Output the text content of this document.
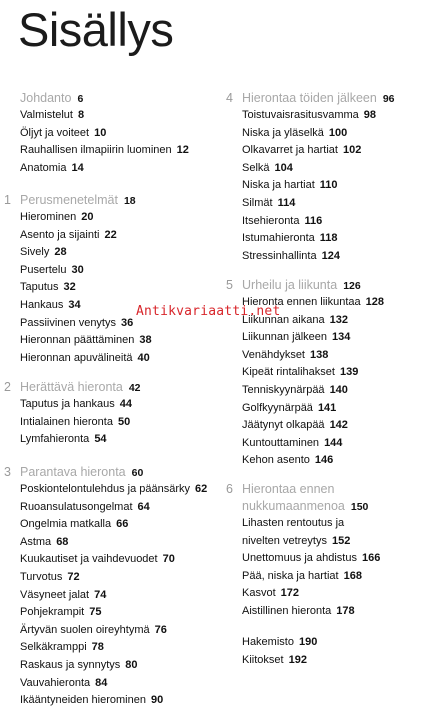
Sisällys
Johdanto 6
Valmistelut 8
Öljyt ja voiteet 10
Rauhallisen ilmapiirin luominen 12
Anatomia 14
1 Perusmenetelmät 18
Hierominen 20
Asento ja sijainti 22
Sively 28
Pusertelu 30
Taputus 32
Hankaus 34
Passiivinen venytys 36
Hieronnan päättäminen 38
Hieronnan apuvälineitä 40
2 Herättävä hieronta 42
Taputus ja hankaus 44
Intialainen hieronta 50
Lymfahieronta 54
3 Parantava hieronta 60
Poskiontelontulehdus ja päänsärky 62
Ruoansulatusongelmat 64
Ongelmia matkalla 66
Astma 68
Kuukautiset ja vaihdevuodet 70
Turvotus 72
Väsyneet jalat 74
Pohjekrampit 75
Ärtyvän suolen oireyhtymä 76
Selkäkramppi 78
Raskaus ja synnytys 80
Vauvahieronta 84
Ikääntyneiden hierominen 90
4 Hierontaa töiden jälkeen 96
Toistuvaisrasitusvamma 98
Niska ja yläselkä 100
Olkavarret ja hartiat 102
Selkä 104
Niska ja hartiat 110
Silmät 114
Itsehieronta 116
Istumahieronta 118
Stressinhallinta 124
5 Urheilu ja liikunta 126
Hieronta ennen liikuntaa 128
Liikunnan aikana 132
Liikunnan jälkeen 134
Venähdykset 138
Kipeät rintalihakset 139
Tenniskyynärpää 140
Golfkyynärpää 141
Jäätynyt olkapää 142
Kuntouttaminen 144
Kehon asento 146
6 Hierontaa ennen
nukkumaanmenoa 150
Lihasten rentoutus ja
nivelten vetreytys 152
Unettomuus ja ahdistus 166
Pää, niska ja hartiat 168
Kasvot 172
Aistillinen hieronta 178
Hakemisto 190
Kiitokset 192
Antikvariaatti.net
